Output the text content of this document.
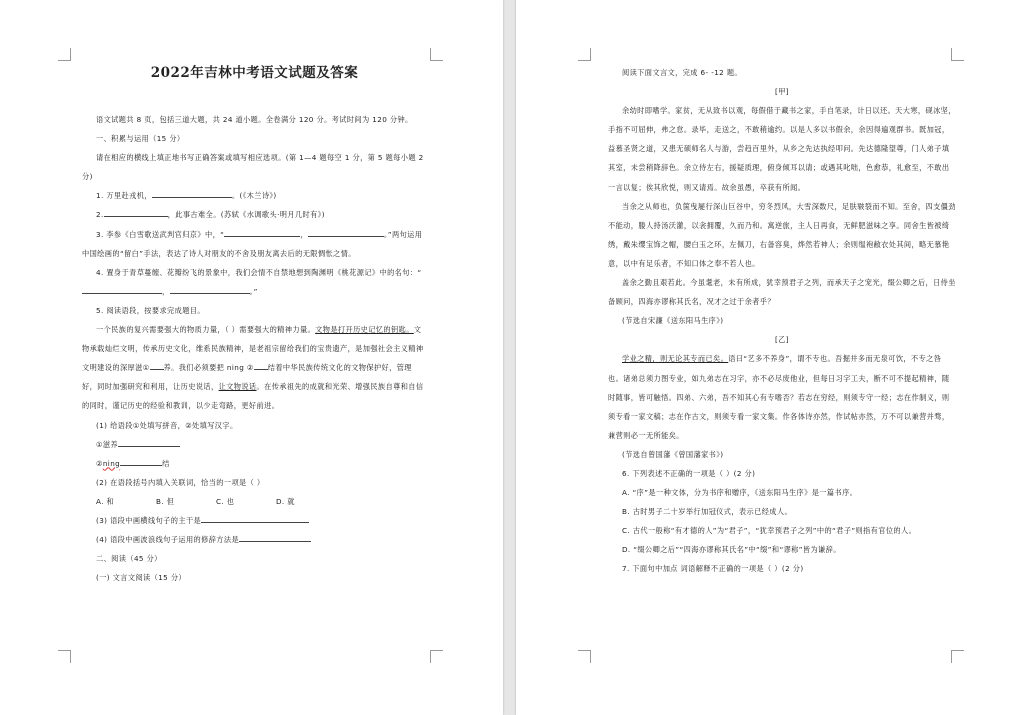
2022年吉林中考语文试题及答案

语文试题共 8 页，包括三道大题，共 24 道小题。全卷满分 120 分。考试时间为 120 分钟。

一、积累与运用（15 分）

请在相应的横线上填正地书写正确答案或填写相应选项。(第 1—4 题每空 1 分，第 5 题每小题 2 分)

1. 万里赴戎机，	。(《木兰诗》)

2.	，此事古难全。(苏轼《水调歌头·明月几时有》)

3. 李参《白雪歌送武判官归京》中，“	，	。”两句运用中国绘画的“留白”手法，表达了诗人对朋友的不舍及朋友离去后的无限惆怅之情。

4. 置身于青草蔓缠、花瓣纷飞的景象中，我们会情不自禁地想到陶渊明《桃花源记》中的名句：“，	。”

5. 阅读语段，按要求完成题目。

一个民族的复兴需要强大的物质力量，（ ）需要强大的精神力量。文物是打开历史记忆的钥匙。文物承载灿烂文明，传承历史文化，维系民族精神，是老祖宗留给我们的宝贵遗产，是加强社会主义精神文明建设的深厚滋① 养。我们必须要把 ning ② 结着中华民族传统文化的文物保护好，管理好，同时加强研究和利用，让历史说话，让文物说话。在传承祖先的成就和光荣、增强民族自尊和自信的同时，谨记历史的经验和教训，以少走弯路，更好前进。

(1) 给语段①处填写拼音，②处填写汉字。

①滋养

②ning	结

(2) 在语段括号内填入关联词，恰当的一项是（ ）

A. 和	B. 但	C. 也	D. 就

(3) 语段中画横线句子的主干是

(4) 语段中画波浪线句子运用的修辞方法是

二、阅读（45 分）

(一) 文言文阅读（15 分）

阅读下面文言文，完成 6- -12 题。

[甲]

余幼时即嗜学。家贫，无从致书以观，每假借于藏书之家，手自笔录，计日以还。天大寒，砚冰坚，手指不可屈伸，弗之怠。录毕，走送之，不敢稍逾约。以是人多以书假余，余因得遍观群书。既加冠，益慕圣贤之道，又患无硕师名人与游，尝趋百里外，从乡之先达执经叩问。先达德隆望尊，门人弟子填其室，未尝稍降辞色。余立侍左右，援疑质理，俯身倾耳以请；或遇其叱咄，色愈恭，礼愈至，不敢出一言以复；俟其欣悦，则又请焉。故余虽愚，卒获有所闻。

当余之从师也，负箧曳屣行深山巨谷中，穷冬烈风，大雪深数尺，足肤皲裂而不知。至舍，四支僵劲不能动，媵人持汤沃灌，以衾拥覆，久而乃和。寓逆旅，主人日再食，无鲜肥滋味之享。同舍生皆被绮绣，戴朱缨宝饰之帽，腰白玉之环，左佩刀，右备容臭，烨然若神人；余则缊袍敝衣处其间，略无慕艳意，以中有足乐者，不知口体之奉不若人也。

盖余之勤且艰若此。今虽耄老，未有所成，犹幸预君子之列，而承天子之宠光，缀公卿之后，日侍坐备顾问，四海亦谬称其氏名，况才之过于余者乎？

(节选自宋濂《送东阳马生序》)

[乙]

学业之精，则无论其专而已矣。语曰“艺多不养身”，谓不专也。吾掘井多而无泉可饮，不专之咎也。诸弟总须力图专业，如九弟志在习字，亦不必尽废他业，但每日习字工夫，断不可不提起精神，随时随事，皆可触悟。四弟、六弟，吾不知其心有专嗜否？若志在穷经，则须专守一经；志在作制义，则须专看一家文稿；志在作古文，则须专看一家文集。作各体诗亦然，作试帖亦然，万不可以兼营并骛，兼营则必一无所能矣。

(节选自曾国藩《曾国藩家书》)

6. 下列表述不正确的一项是（ ）(2 分)

A. “序”是一种文体，分为书序和赠序，《送东阳马生序》是一篇书序。

B. 古时男子二十岁举行加冠仪式，表示已经成人。

C. 古代一般称“有才德的人”为“君子”，“犹幸预君子之列”中的“君子”则指有官位的人。

D. “缀公卿之后”“四海亦谬称其氏名”中“缀”和“谬称”皆为谦辞。

7. 下面句中加点 词语解释不正确的一项是（ ）(2 分)
